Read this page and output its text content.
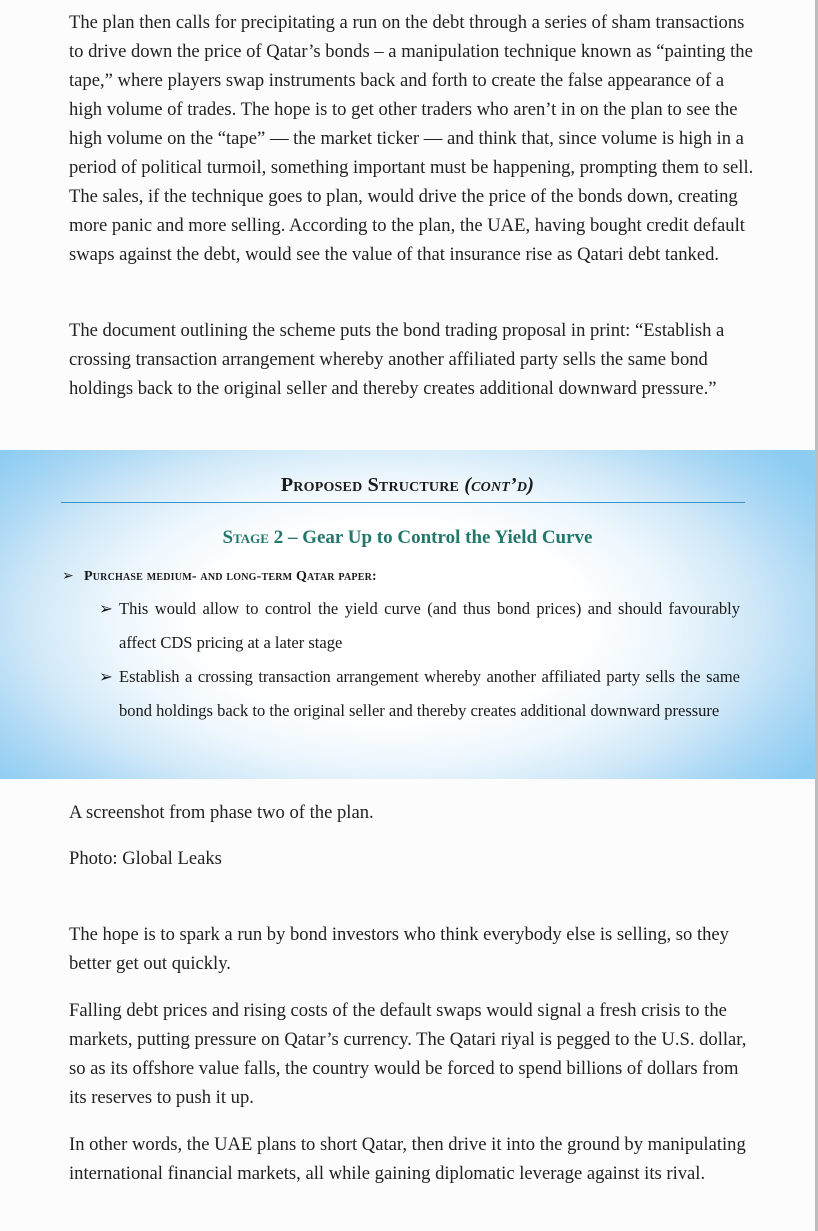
The plan then calls for precipitating a run on the debt through a series of sham transactions to drive down the price of Qatar’s bonds – a manipulation technique known as “painting the tape,” where players swap instruments back and forth to create the false appearance of a high volume of trades. The hope is to get other traders who aren’t in on the plan to see the high volume on the “tape” — the market ticker — and think that, since volume is high in a period of political turmoil, something important must be happening, prompting them to sell. The sales, if the technique goes to plan, would drive the price of the bonds down, creating more panic and more selling. According to the plan, the UAE, having bought credit default swaps against the debt, would see the value of that insurance rise as Qatari debt tanked.

The document outlining the scheme puts the bond trading proposal in print: “Establish a crossing transaction arrangement whereby another affiliated party sells the same bond holdings back to the original seller and thereby creates additional downward pressure.”

Proposed Structure (cont’d)
Stage 2 – Gear Up to Control the Yield Curve
➢ Purchase medium- and long-term Qatar paper:
➢ This would allow to control the yield curve (and thus bond prices) and should favourably affect CDS pricing at a later stage
➢ Establish a crossing transaction arrangement whereby another affiliated party sells the same bond holdings back to the original seller and thereby creates additional downward pressure

A screenshot from phase two of the plan.

Photo: Global Leaks

The hope is to spark a run by bond investors who think everybody else is selling, so they better get out quickly.

Falling debt prices and rising costs of the default swaps would signal a fresh crisis to the markets, putting pressure on Qatar’s currency. The Qatari riyal is pegged to the U.S. dollar, so as its offshore value falls, the country would be forced to spend billions of dollars from its reserves to push it up.

In other words, the UAE plans to short Qatar, then drive it into the ground by manipulating international financial markets, all while gaining diplomatic leverage against its rival.
